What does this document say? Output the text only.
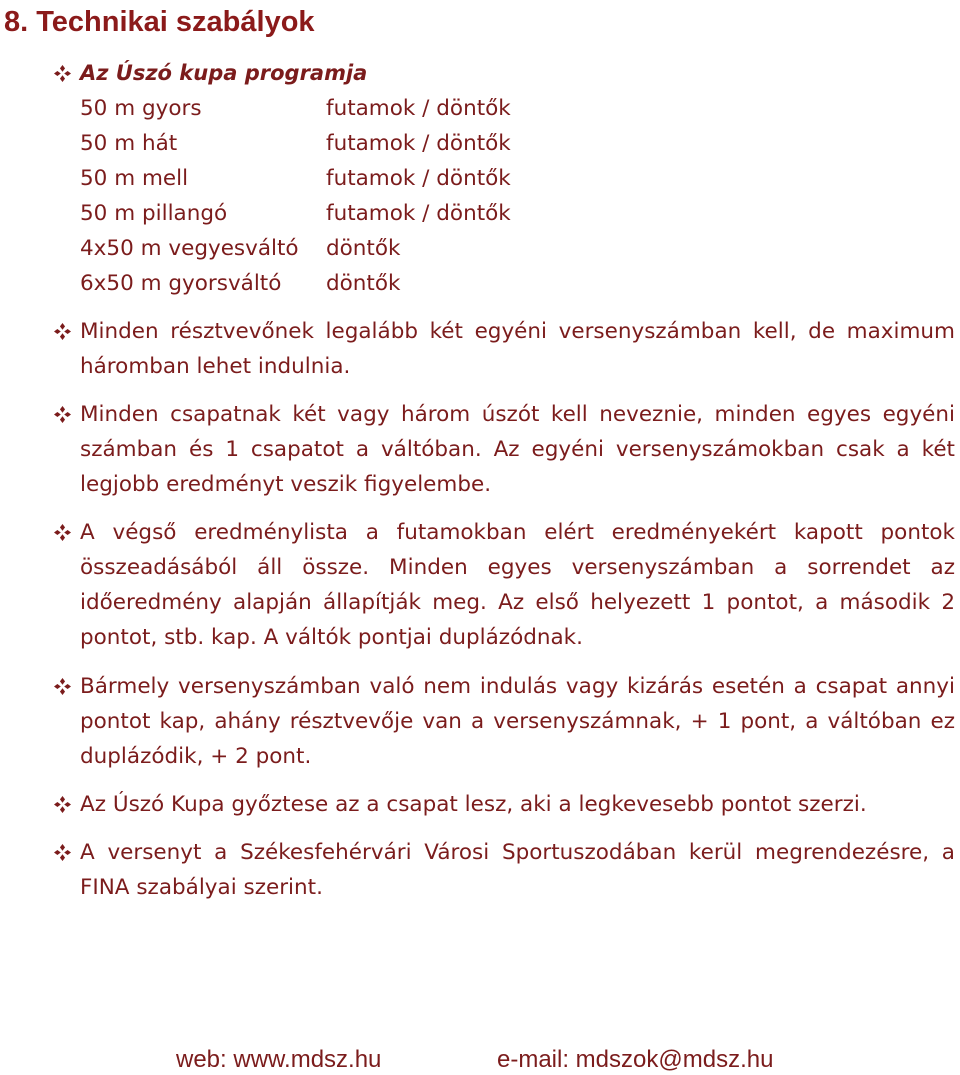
8. Technikai szabályok
Az Úszó kupa programja
50 m gyors	futamok / döntők
50 m hát	futamok / döntők
50 m mell	futamok / döntők
50 m pillangó	futamok / döntők
4x50 m vegyesváltó	döntők
6x50 m gyorsváltó	döntők
Minden résztvevőnek legalább két egyéni versenyszámban kell, de maximum háromban lehet indulnia.
Minden csapatnak két vagy három úszót kell neveznie, minden egyes egyéni számban és 1 csapatot a váltóban. Az egyéni versenyszámokban csak a két legjobb eredményt veszik figyelembe.
A végső eredménylista a futamokban elért eredményekért kapott pontok összeadásából áll össze. Minden egyes versenyszámban a sorrendet az időeredmény alapján állapítják meg. Az első helyezett 1 pontot, a második 2 pontot, stb. kap. A váltók pontjai duplázódnak.
Bármely versenyszámban való nem indulás vagy kizárás esetén a csapat annyi pontot kap, ahány résztvevője van a versenyszámnak, + 1 pont, a váltóban ez duplázódik, + 2 pont.
Az Úszó Kupa győztese az a csapat lesz, aki a legkevesebb pontot szerzi.
A versenyt a Székesfehérvári Városi Sportuszodában kerül megrendezésre, a FINA szabályai szerint.
web: www.mdsz.hu	e-mail: mdszok@mdsz.hu
